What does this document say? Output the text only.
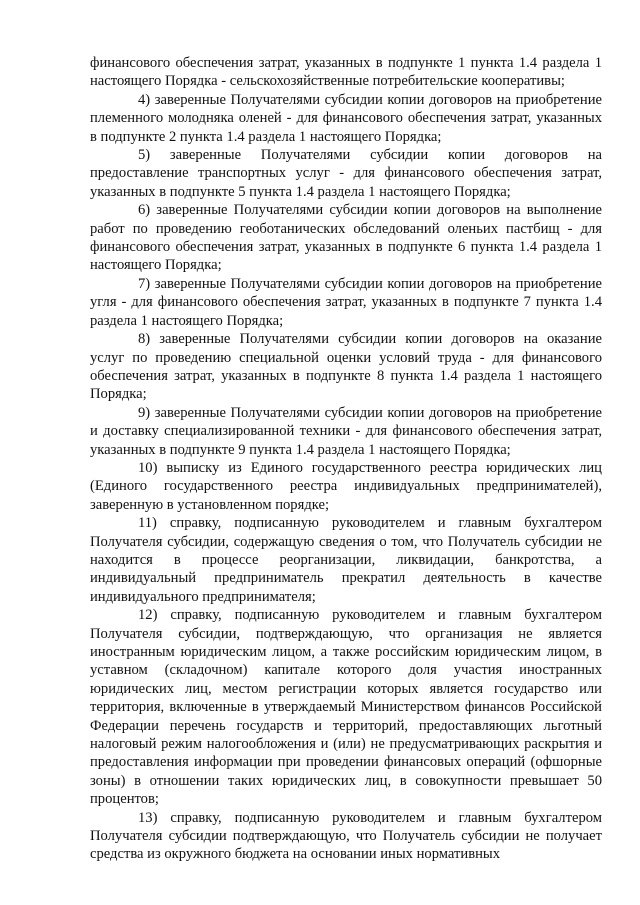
финансового обеспечения затрат, указанных в подпункте 1 пункта 1.4 раздела 1 настоящего Порядка - сельскохозяйственные потребительские кооперативы;

4) заверенные Получателями субсидии копии договоров на приобретение племенного молодняка оленей - для финансового обеспечения затрат, указанных в подпункте 2 пункта 1.4 раздела 1 настоящего Порядка;

5) заверенные Получателями субсидии копии договоров на предоставление транспортных услуг - для финансового обеспечения затрат, указанных в подпункте 5 пункта 1.4 раздела 1 настоящего Порядка;

6) заверенные Получателями субсидии копии договоров на выполнение работ по проведению геоботанических обследований оленьих пастбищ - для финансового обеспечения затрат, указанных в подпункте 6 пункта 1.4 раздела 1 настоящего Порядка;

7) заверенные Получателями субсидии копии договоров на приобретение угля - для финансового обеспечения затрат, указанных в подпункте 7 пункта 1.4 раздела 1 настоящего Порядка;

8) заверенные Получателями субсидии копии договоров на оказание услуг по проведению специальной оценки условий труда - для финансового обеспечения затрат, указанных в подпункте 8 пункта 1.4 раздела 1 настоящего Порядка;

9) заверенные Получателями субсидии копии договоров на приобретение и доставку специализированной техники - для финансового обеспечения затрат, указанных в подпункте 9 пункта 1.4 раздела 1 настоящего Порядка;

10) выписку из Единого государственного реестра юридических лиц (Единого государственного реестра индивидуальных предпринимателей), заверенную в установленном порядке;

11) справку, подписанную руководителем и главным бухгалтером Получателя субсидии, содержащую сведения о том, что Получатель субсидии не находится в процессе реорганизации, ликвидации, банкротства, а индивидуальный предприниматель прекратил деятельность в качестве индивидуального предпринимателя;

12) справку, подписанную руководителем и главным бухгалтером Получателя субсидии, подтверждающую, что организация не является иностранным юридическим лицом, а также российским юридическим лицом, в уставном (складочном) капитале которого доля участия иностранных юридических лиц, местом регистрации которых является государство или территория, включенные в утверждаемый Министерством финансов Российской Федерации перечень государств и территорий, предоставляющих льготный налоговый режим налогообложения и (или) не предусматривающих раскрытия и предоставления информации при проведении финансовых операций (офшорные зоны) в отношении таких юридических лиц, в совокупности превышает 50 процентов;

13) справку, подписанную руководителем и главным бухгалтером Получателя субсидии подтверждающую, что Получатель субсидии не получает средства из окружного бюджета на основании иных нормативных
